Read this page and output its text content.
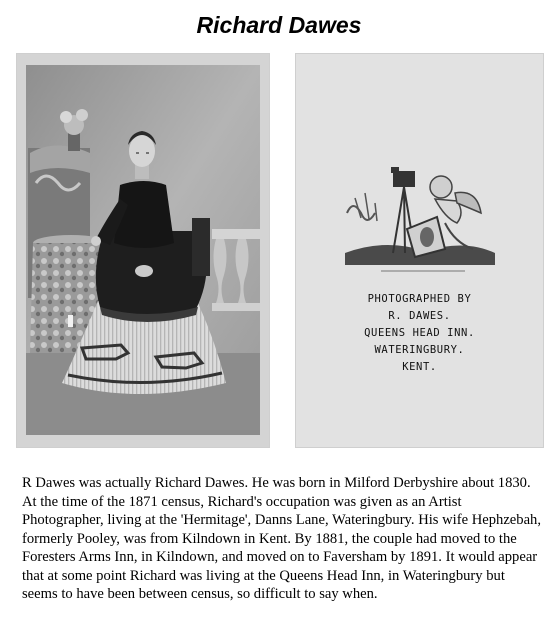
Richard Dawes
PHOTOGRAPHED BY
R. DAWES.
QUEENS HEAD INN.
WATERINGBURY.
KENT.
R Dawes was actually Richard Dawes. He was born in Milford Derbyshire about 1830. At the time of the 1871 census, Richard's occupation was given as an Artist Photographer, living at the 'Hermitage', Danns Lane, Wateringbury. His wife Hephzebah, formerly Pooley, was from Kilndown in Kent. By 1881, the couple had moved to the Foresters Arms Inn, in Kilndown, and moved on to Faversham by 1891. It would appear that at some point Richard was living at the Queens Head Inn, in Wateringbury but seems to have been between census, so difficult to say when.
